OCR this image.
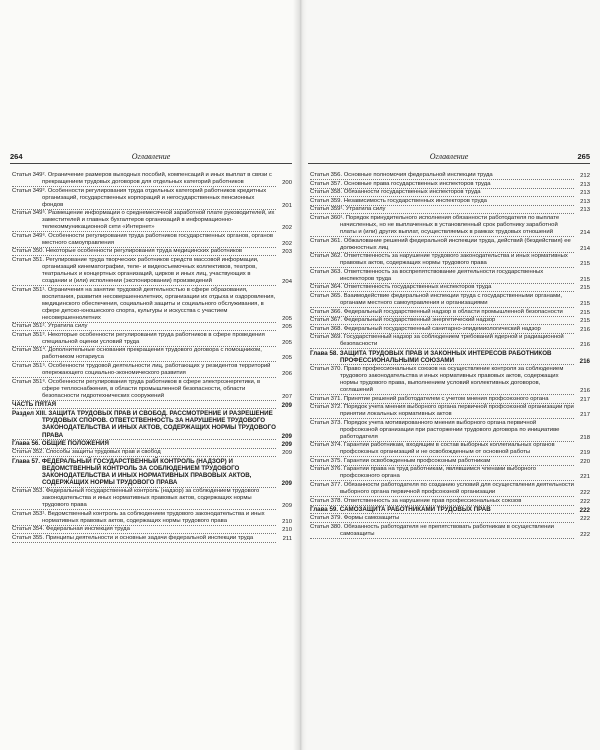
264	Оглавление
Статья 349². Ограничение размеров выходных пособий, компенсаций и иных выплат в связи с прекращением трудовых договоров для отдельных категорий работников	200
Статья 349³. Особенности регулирования труда отдельных категорий работников кредитных организаций, государственных корпораций и негосударственных пенсионных фондов	201
Статья 349⁵. Размещение информации о среднемесячной заработной плате руководителей, их заместителей и главных бухгалтеров организаций в информационно-телекоммуникационной сети «Интернет»	202
Статья 349⁶. Особенности регулирования труда работников государственных органов, органов местного самоуправления	202
Статья 350. Некоторые особенности регулирования труда медицинских работников	203
Статья 351. Регулирование труда творческих работников средств массовой информации, организаций кинематографии, теле- и видеосъемочных коллективов, театров, театральных и концертных организаций, цирков и иных лиц, участвующих в создании и (или) исполнении (экспонировании) произведений	204
Статья 351¹. Ограничения на занятие трудовой деятельностью в сфере образования, воспитания, развития несовершеннолетних, организации их отдыха и оздоровления, медицинского обеспечения, социальной защиты и социального обслуживания, в сфере детско-юношеского спорта, культуры и искусства с участием несовершеннолетних	205
Статья 351². Утратила силу	205
Статья 351³. Некоторые особенности регулирования труда работников в сфере проведения специальной оценки условий труда	205
Статья 351⁴. Дополнительные основания прекращения трудового договора с помощником, работником нотариуса	205
Статья 351⁵. Особенности трудовой деятельности лиц, работающих у резидентов территорий опережающего социально-экономического развития	206
Статья 351⁶. Особенности регулирования труда работников в сфере электроэнергетики, в сфере теплоснабжения, в области промышленной безопасности, области безопасности гидротехнических сооружений	207
ЧАСТЬ ПЯТАЯ	209
Раздел XIII. ЗАЩИТА ТРУДОВЫХ ПРАВ И СВОБОД. РАССМОТРЕНИЕ И РАЗРЕШЕНИЕ ТРУДОВЫХ СПОРОВ. ОТВЕТСТВЕННОСТЬ ЗА НАРУШЕНИЕ ТРУДОВОГО ЗАКОНОДАТЕЛЬСТВА И ИНЫХ АКТОВ, СОДЕРЖАЩИХ НОРМЫ ТРУДОВОГО ПРАВА	209
Глава 56. ОБЩИЕ ПОЛОЖЕНИЯ	209
Статья 352. Способы защиты трудовых прав и свобод	209
Глава 57. ФЕДЕРАЛЬНЫЙ ГОСУДАРСТВЕННЫЙ КОНТРОЛЬ (НАДЗОР) И ВЕДОМСТВЕННЫЙ КОНТРОЛЬ ЗА СОБЛЮДЕНИЕМ ТРУДОВОГО ЗАКОНОДАТЕЛЬСТВА И ИНЫХ НОРМАТИВНЫХ ПРАВОВЫХ АКТОВ, СОДЕРЖАЩИХ НОРМЫ ТРУДОВОГО ПРАВА	209
Статья 353. Федеральный государственный контроль (надзор) за соблюдением трудового законодательства и иных нормативных правовых актов, содержащих нормы трудового права	209
Статья 353¹. Ведомственный контроль за соблюдением трудового законодательства и иных нормативных правовых актов, содержащих нормы трудового права	210
Статья 354. Федеральная инспекция труда	210
Статья 355. Принципы деятельности и основные задачи федеральной инспекции труда	211
Оглавление	265
Статья 356. Основные полномочия федеральной инспекции труда	212
Статья 357. Основные права государственных инспекторов труда	213
Статья 358. Обязанности государственных инспекторов труда	213
Статья 359. Независимость государственных инспекторов труда	213
Статья 359¹. Утратила силу	213
Статья 360¹. Порядок принудительного исполнения обязанности работодателя по выплате начисленных, но не выплаченных в установленный срок работнику заработной платы и (или) других выплат, осуществляемых в рамках трудовых отношений	214
Статья 361. Обжалование решений федеральной инспекции труда, действий (бездействия) ее должностных лиц	214
Статья 362. Ответственность за нарушение трудового законодательства и иных нормативных правовых актов, содержащих нормы трудового права	215
Статья 363. Ответственность за воспрепятствование деятельности государственных инспекторов труда	215
Статья 364. Ответственность государственных инспекторов труда	215
Статья 365. Взаимодействие федеральной инспекции труда с государственными органами, органами местного самоуправления и организациями	215
Статья 366. Федеральный государственный надзор в области промышленной безопасности	215
Статья 367. Федеральный государственный энергетический надзор	215
Статья 368. Федеральный государственный санитарно-эпидемиологический надзор	216
Статья 369. Государственный надзор за соблюдением требований ядерной и радиационной безопасности	216
Глава 58. ЗАЩИТА ТРУДОВЫХ ПРАВ И ЗАКОННЫХ ИНТЕРЕСОВ РАБОТНИКОВ ПРОФЕССИОНАЛЬНЫМИ СОЮЗАМИ	216
Статья 370. Право профессиональных союзов на осуществление контроля за соблюдением трудового законодательства и иных нормативных правовых актов, содержащих нормы трудового права, выполнением условий коллективных договоров, соглашений	216
Статья 371. Принятие решений работодателем с учетом мнения профсоюзного органа	217
Статья 372. Порядок учета мнения выборного органа первичной профсоюзной организации при принятии локальных нормативных актов	217
Статья 373. Порядок учета мотивированного мнения выборного органа первичной профсоюзной организации при расторжении трудового договора по инициативе работодателя	218
Статья 374. Гарантии работникам, входящим в состав выборных коллегиальных органов профсоюзных организаций и не освобожденным от основной работы	219
Статья 375. Гарантии освобожденным профсоюзным работникам	220
Статья 376. Гарантии права на труд работникам, являвшимся членами выборного профсоюзного органа	221
Статья 377. Обязанности работодателя по созданию условий для осуществления деятельности выборного органа первичной профсоюзной организации	222
Статья 378. Ответственность за нарушение прав профессиональных союзов	222
Глава 59. САМОЗАЩИТА РАБОТНИКАМИ ТРУДОВЫХ ПРАВ	222
Статья 379. Формы самозащиты	222
Статья 380. Обязанность работодателя не препятствовать работникам в осуществлении самозащиты	222
